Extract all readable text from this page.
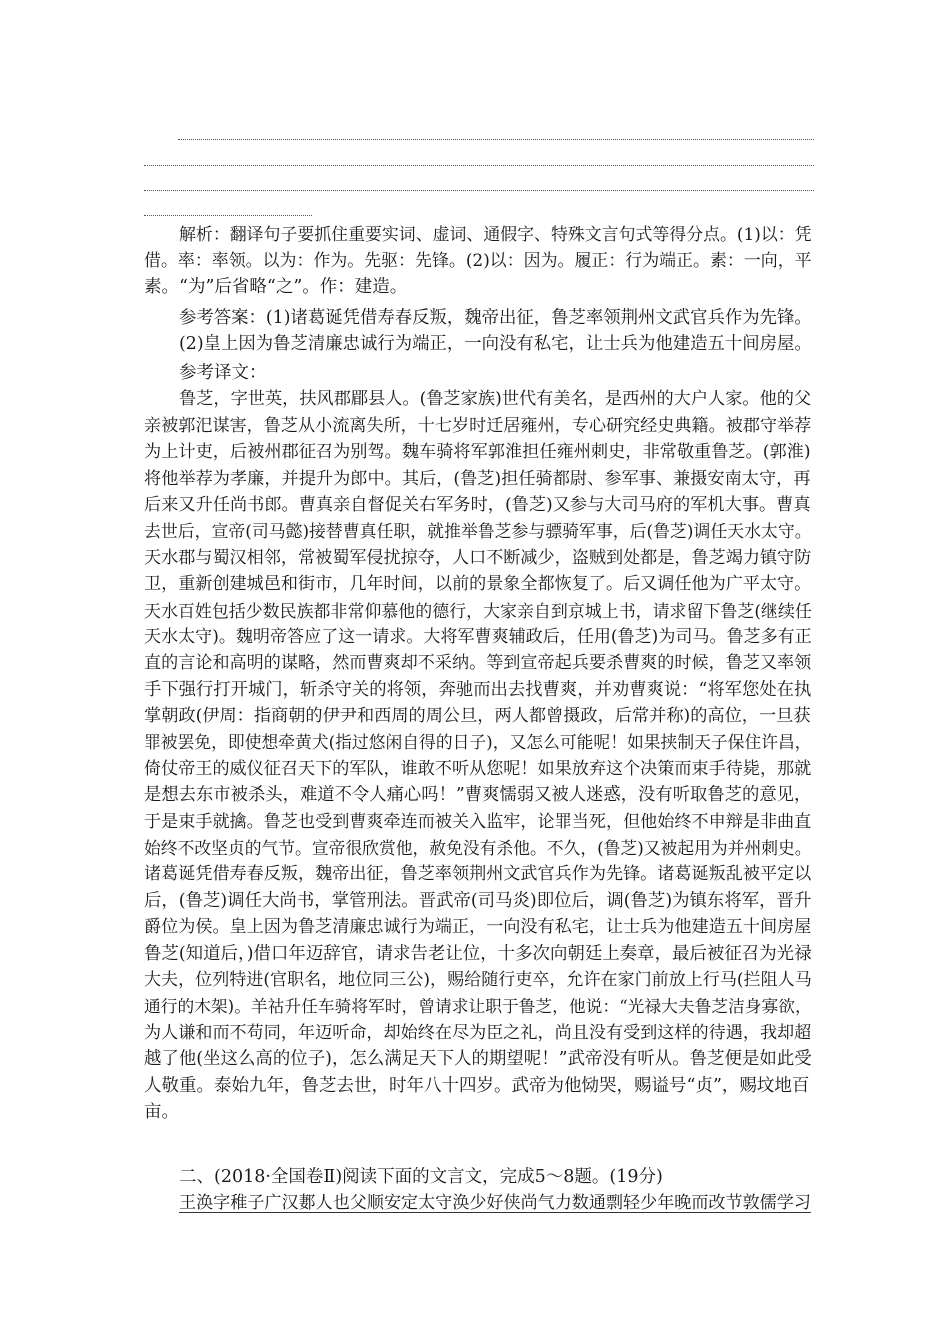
解析：翻译句子要抓住重要实词、虚词、通假字、特殊文言句式等得分点。(1)以：凭
借。率：率领。以为：作为。先驱：先锋。(2)以：因为。履正：行为端正。素：一向，平
素。“为”后省略“之”。作：建造。
参考答案：(1)诸葛诞凭借寿春反叛，魏帝出征，鲁芝率领荆州文武官兵作为先锋。
(2)皇上因为鲁芝清廉忠诚行为端正，一向没有私宅，让士兵为他建造五十间房屋。
参考译文：
鲁芝，字世英，扶风郡郿县人。(鲁芝家族)世代有美名，是西州的大户人家。他的父
亲被郭汜谋害，鲁芝从小流离失所，十七岁时迁居雍州，专心研究经史典籍。被郡守举荐
为上计吏，后被州郡征召为别驾。魏车骑将军郭淮担任雍州刺史，非常敬重鲁芝。(郭淮)
将他举荐为孝廉，并提升为郎中。其后，(鲁芝)担任骑都尉、参军事、兼摄安南太守，再
后来又升任尚书郎。曹真亲自督促关右军务时，(鲁芝)又参与大司马府的军机大事。曹真
去世后，宣帝(司马懿)接替曹真任职，就推举鲁芝参与骠骑军事，后(鲁芝)调任天水太守。
天水郡与蜀汉相邻，常被蜀军侵扰掠夺，人口不断减少，盗贼到处都是，鲁芝竭力镇守防
卫，重新创建城邑和街市，几年时间，以前的景象全都恢复了。后又调任他为广平太守。
天水百姓包括少数民族都非常仰慕他的德行，大家亲自到京城上书，请求留下鲁芝(继续任
天水太守)。魏明帝答应了这一请求。大将军曹爽辅政后，任用(鲁芝)为司马。鲁芝多有正
直的言论和高明的谋略，然而曹爽却不采纳。等到宣帝起兵要杀曹爽的时候，鲁芝又率领
手下强行打开城门，斩杀守关的将领，奔驰而出去找曹爽，并劝曹爽说：“将军您处在执
掌朝政(伊周：指商朝的伊尹和西周的周公旦，两人都曾摄政，后常并称)的高位，一旦获
罪被罢免，即使想牵黄犬(指过悠闲自得的日子)，又怎么可能呢！如果挟制天子保住许昌，
倚仗帝王的威仪征召天下的军队，谁敢不听从您呢！如果放弃这个决策而束手待毙，那就
是想去东市被杀头，难道不令人痛心吗！”曹爽懦弱又被人迷惑，没有听取鲁芝的意见，
于是束手就擒。鲁芝也受到曹爽牵连而被关入监牢，论罪当死，但他始终不申辩是非曲直
始终不改坚贞的气节。宣帝很欣赏他，赦免没有杀他。不久，(鲁芝)又被起用为并州刺史。
诸葛诞凭借寿春反叛，魏帝出征，鲁芝率领荆州文武官兵作为先锋。诸葛诞叛乱被平定以
后，(鲁芝)调任大尚书，掌管刑法。晋武帝(司马炎)即位后，调(鲁芝)为镇东将军，晋升
爵位为侯。皇上因为鲁芝清廉忠诚行为端正，一向没有私宅，让士兵为他建造五十间房屋
鲁芝(知道后，)借口年迈辞官，请求告老让位，十多次向朝廷上奏章，最后被征召为光禄
大夫，位列特进(官职名，地位同三公)，赐给随行吏卒，允许在家门前放上行马(拦阻人马
通行的木架)。羊祜升任车骑将军时，曾请求让职于鲁芝，他说：“光禄大夫鲁芝洁身寡欲，
为人谦和而不苟同，年迈听命，却始终在尽为臣之礼，尚且没有受到这样的待遇，我却超
越了他(坐这么高的位子)，怎么满足天下人的期望呢！”武帝没有听从。鲁芝便是如此受
人敬重。泰始九年，鲁芝去世，时年八十四岁。武帝为他恸哭，赐谥号“贞”，赐坟地百
亩。
二、(2018·全国卷Ⅱ)阅读下面的文言文，完成5～8题。(19分)
王涣字稚子广汉郪人也父顺安定太守涣少好侠尚气力数通剽轻少年晚而改节敦儒学习
